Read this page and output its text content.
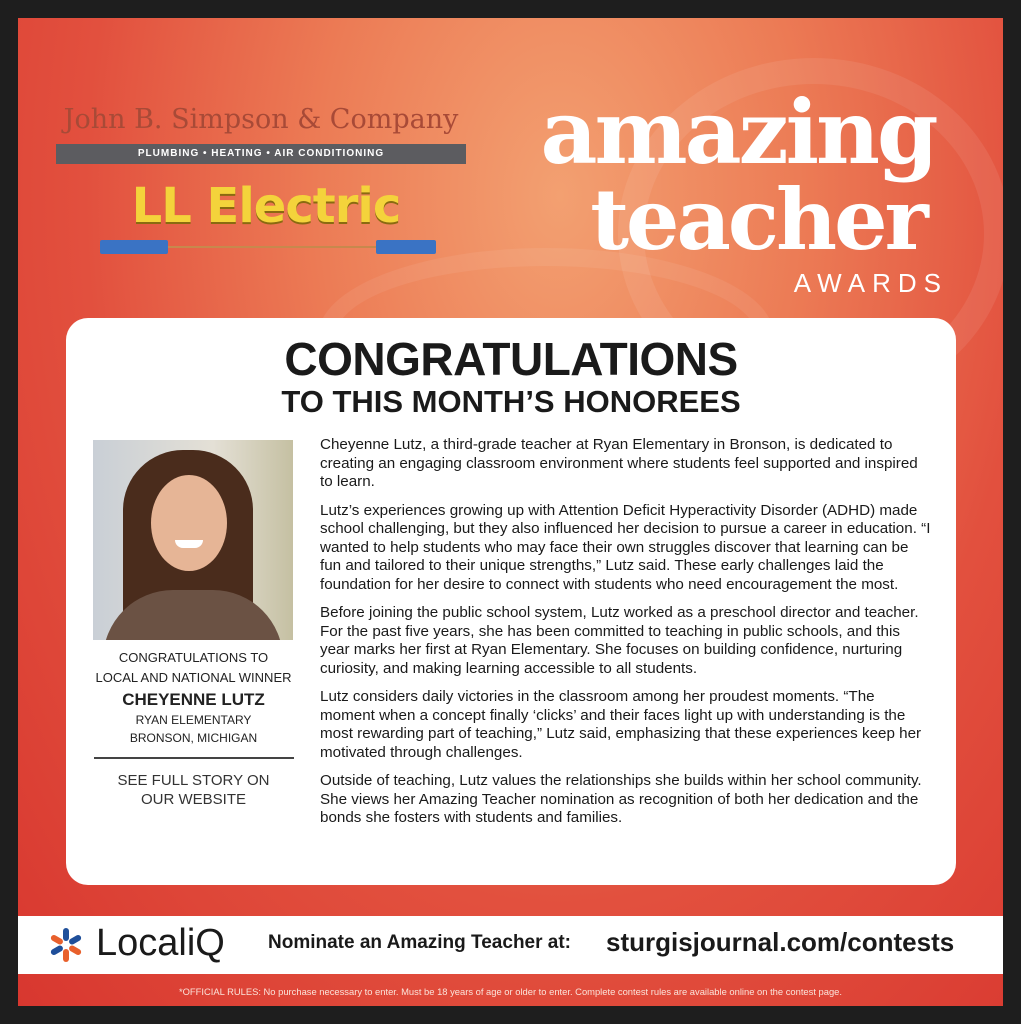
John B. Simpson & Company
PLUMBING • HEATING • AIR CONDITIONING
LL Electric
amazing
teacher
AWARDS
CONGRATULATIONS
TO THIS MONTH’S HONOREES
CONGRATULATIONS TO
LOCAL AND NATIONAL WINNER
CHEYENNE LUTZ
RYAN ELEMENTARY
BRONSON, MICHIGAN
SEE FULL STORY ON
OUR WEBSITE

Cheyenne Lutz, a third-grade teacher at Ryan Elementary in Bronson, is dedicated to creating an engaging classroom environment where students feel supported and inspired to learn.

Lutz’s experiences growing up with Attention Deficit Hyperactivity Disorder (ADHD) made school challenging, but they also influenced her decision to pursue a career in education. “I wanted to help students who may face their own struggles discover that learning can be fun and tailored to their unique strengths,” Lutz said. These early challenges laid the foundation for her desire to connect with students who need encouragement the most.

Before joining the public school system, Lutz worked as a preschool director and teacher. For the past five years, she has been committed to teaching in public schools, and this year marks her first at Ryan Elementary. She focuses on building confidence, nurturing curiosity, and making learning accessible to all students.

Lutz considers daily victories in the classroom among her proudest moments. “The moment when a concept finally ‘clicks’ and their faces light up with understanding is the most rewarding part of teaching,” Lutz said, emphasizing that these experiences keep her motivated through challenges.

Outside of teaching, Lutz values the relationships she builds within her school community. She views her Amazing Teacher nomination as recognition of both her dedication and the bonds she fosters with students and families.

LocaliQ Nominate an Amazing Teacher at: sturgisjournal.com/contests
*OFFICIAL RULES: No purchase necessary to enter. Must be 18 years of age or older to enter. Complete contest rules are available online on the contest page.
